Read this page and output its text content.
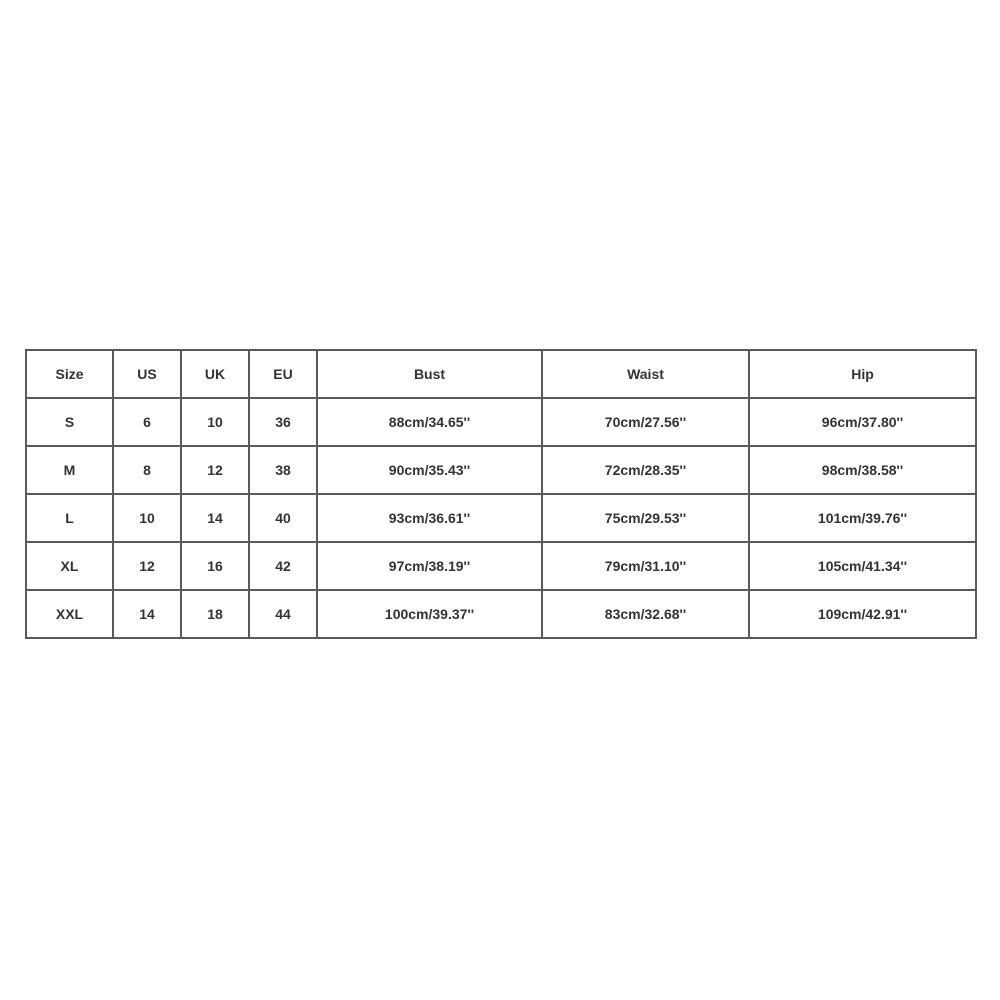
Size	US	UK	EU	Bust	Waist	Hip
S	6	10	36	88cm/34.65''	70cm/27.56''	96cm/37.80''
M	8	12	38	90cm/35.43''	72cm/28.35''	98cm/38.58''
L	10	14	40	93cm/36.61''	75cm/29.53''	101cm/39.76''
XL	12	16	42	97cm/38.19''	79cm/31.10''	105cm/41.34''
XXL	14	18	44	100cm/39.37''	83cm/32.68''	109cm/42.91''
